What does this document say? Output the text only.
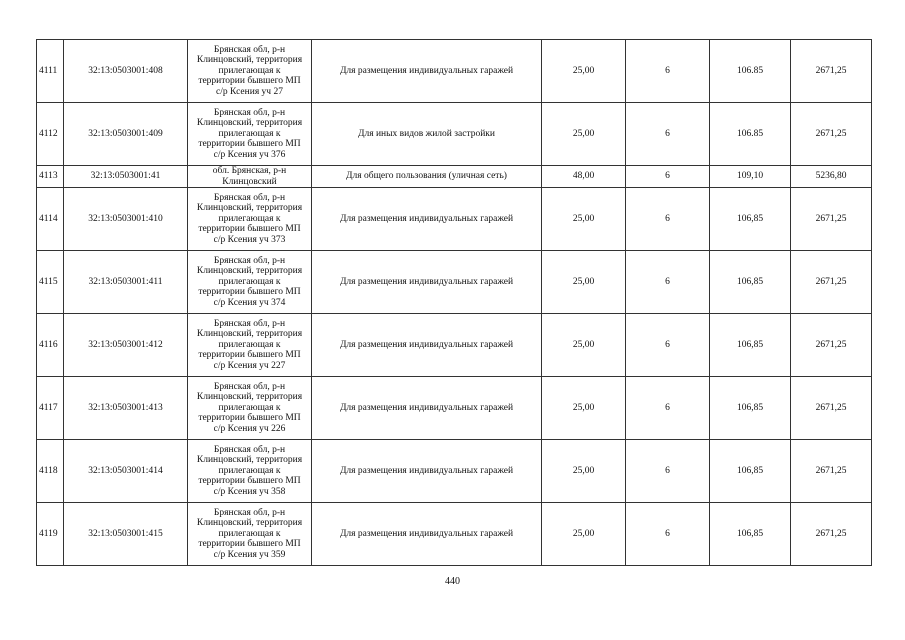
4111	32:13:0503001:408	Брянская обл, р-н
Клинцовский, территория
прилегающая к
территории бывшего МП
с/р Ксения уч 27	Для размещения индивидуальных гаражей	25,00	6	106.85	2671,25
4112	32:13:0503001:409	Брянская обл, р-н
Клинцовский, территория
прилегающая к
территории бывшего МП
с/р Ксения уч 376	Для иных видов жилой застройки	25,00	6	106.85	2671,25
4113	32:13:0503001:41	обл. Брянская, р-н
Клинцовский	Для общего пользования (уличная сеть)	48,00	6	109,10	5236,80
4114	32:13:0503001:410	Брянская обл, р-н
Клинцовский, территория
прилегающая к
территории бывшего МП
с/р Ксения уч 373	Для размещения индивидуальных гаражей	25,00	6	106,85	2671,25
4115	32:13:0503001:411	Брянская обл, р-н
Клинцовский, территория
прилегающая к
территории бывшего МП
с/р Ксения уч 374	Для размещения индивидуальных гаражей	25,00	6	106,85	2671,25
4116	32:13:0503001:412	Брянская обл, р-н
Клинцовский, территория
прилегающая к
территории бывшего МП
с/р Ксения уч 227	Для размещения индивидуальных гаражей	25,00	6	106,85	2671,25
4117	32:13:0503001:413	Брянская обл, р-н
Клинцовский, территория
прилегающая к
территории бывшего МП
с/р Ксения уч 226	Для размещения индивидуальных гаражей	25,00	6	106,85	2671,25
4118	32:13:0503001:414	Брянская обл, р-н
Клинцовский, территория
прилегающая к
территории бывшего МП
с/р Ксения уч 358	Для размещения индивидуальных гаражей	25,00	6	106,85	2671,25
4119	32:13:0503001:415	Брянская обл, р-н
Клинцовский, территория
прилегающая к
территории бывшего МП
с/р Ксения уч 359	Для размещения индивидуальных гаражей	25,00	6	106,85	2671,25
440
